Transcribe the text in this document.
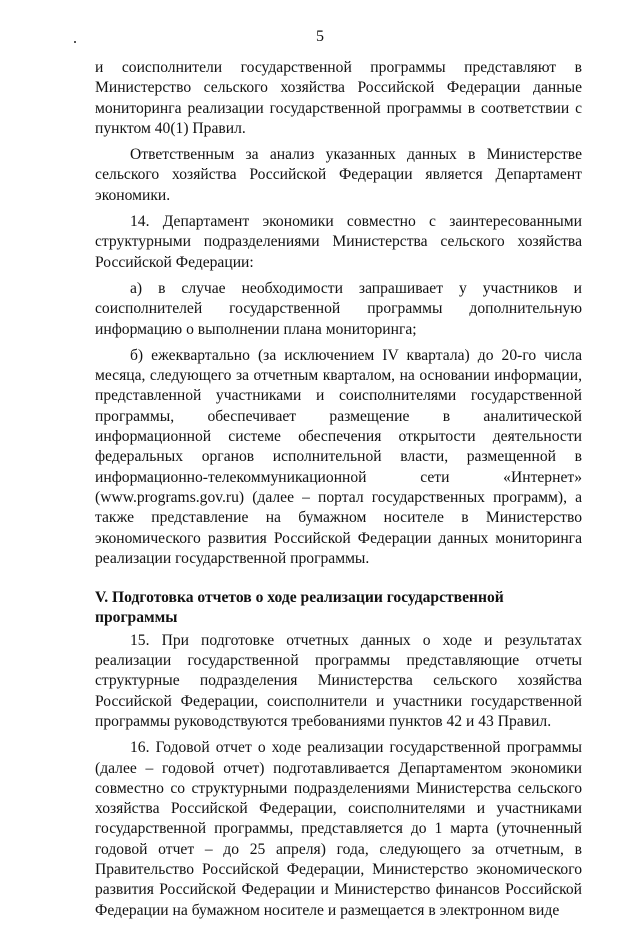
5

и соисполнители государственной программы представляют в Министерство сельского хозяйства Российской Федерации данные мониторинга реализации государственной программы в соответствии с пунктом 40(1) Правил.

Ответственным за анализ указанных данных в Министерстве сельского хозяйства Российской Федерации является Департамент экономики.

14. Департамент экономики совместно с заинтересованными структурными подразделениями Министерства сельского хозяйства Российской Федерации:

а) в случае необходимости запрашивает у участников и соисполнителей государственной программы дополнительную информацию о выполнении плана мониторинга;

б) ежеквартально (за исключением IV квартала) до 20-го числа месяца, следующего за отчетным кварталом, на основании информации, представленной участниками и соисполнителями государственной программы, обеспечивает размещение в аналитической информационной системе обеспечения открытости деятельности федеральных органов исполнительной власти, размещенной в информационно-телекоммуникационной сети «Интернет» (www.programs.gov.ru) (далее – портал государственных программ), а также представление на бумажном носителе в Министерство экономического развития Российской Федерации данных мониторинга реализации государственной программы.

V. Подготовка отчетов о ходе реализации государственной программы

15. При подготовке отчетных данных о ходе и результатах реализации государственной программы представляющие отчеты структурные подразделения Министерства сельского хозяйства Российской Федерации, соисполнители и участники государственной программы руководствуются требованиями пунктов 42 и 43 Правил.

16. Годовой отчет о ходе реализации государственной программы (далее – годовой отчет) подготавливается Департаментом экономики совместно со структурными подразделениями Министерства сельского хозяйства Российской Федерации, соисполнителями и участниками государственной программы, представляется до 1 марта (уточненный годовой отчет – до 25 апреля) года, следующего за отчетным, в Правительство Российской Федерации, Министерство экономического развития Российской Федерации и Министерство финансов Российской Федерации на бумажном носителе и размещается в электронном виде
